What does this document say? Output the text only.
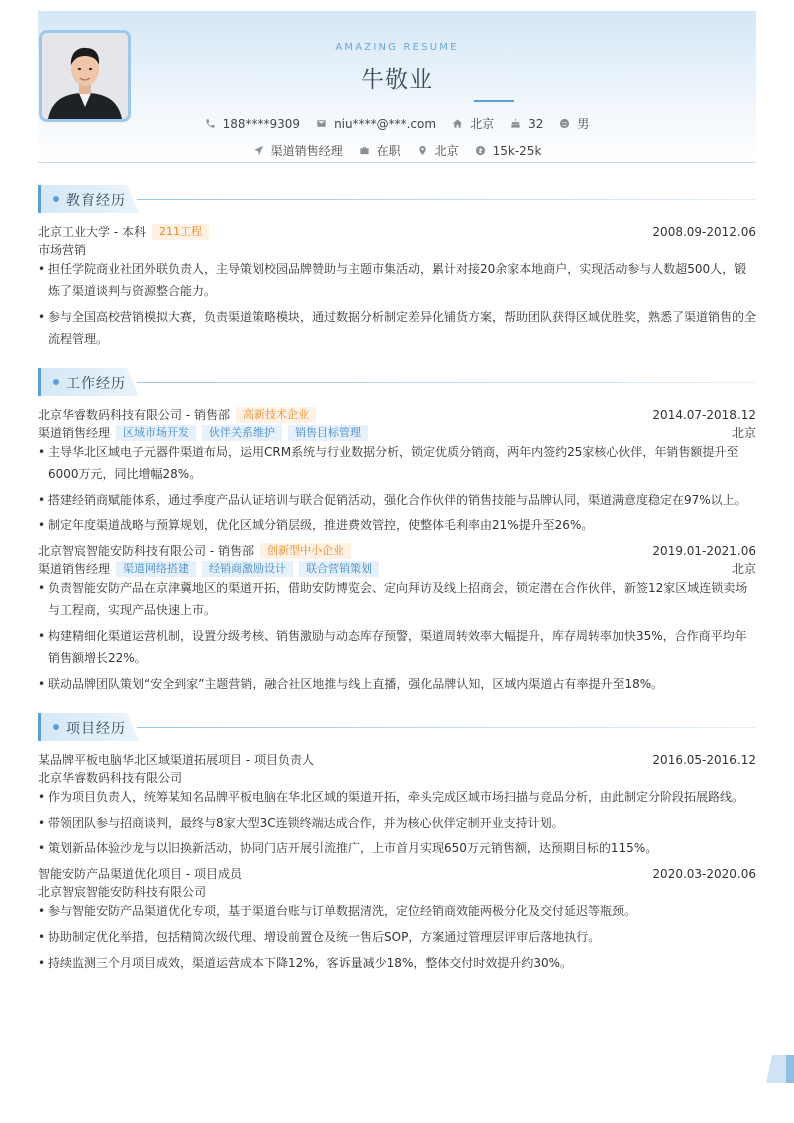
AMAZING RESUME
牛敬业
188****9309	niu****@***.com	北京	32	男
渠道销售经理	在职	北京	15k-25k
教育经历
北京工业大学 - 本科	211工程	2008.09-2012.06
市场营销
• 担任学院商业社团外联负责人，主导策划校园品牌赞助与主题市集活动，累计对接20余家本地商户，实现活动参与人数超500人，锻炼了渠道谈判与资源整合能力。
• 参与全国高校营销模拟大赛，负责渠道策略模块，通过数据分析制定差异化铺货方案，帮助团队获得区域优胜奖，熟悉了渠道销售的全流程管理。
工作经历
北京华睿数码科技有限公司 - 销售部	高新技术企业	2014.07-2018.12
渠道销售经理	区域市场开发	伙伴关系维护	销售目标管理	北京
• 主导华北区域电子元器件渠道布局，运用CRM系统与行业数据分析，锁定优质分销商，两年内签约25家核心伙伴，年销售额提升至6000万元，同比增幅28%。
• 搭建经销商赋能体系，通过季度产品认证培训与联合促销活动，强化合作伙伴的销售技能与品牌认同，渠道满意度稳定在97%以上。
• 制定年度渠道战略与预算规划，优化区域分销层级，推进费效管控，使整体毛利率由21%提升至26%。
北京智宸智能安防科技有限公司 - 销售部	创新型中小企业	2019.01-2021.06
渠道销售经理	渠道网络搭建	经销商激励设计	联合营销策划	北京
• 负责智能安防产品在京津冀地区的渠道开拓，借助安防博览会、定向拜访及线上招商会，锁定潜在合作伙伴，新签12家区域连锁卖场与工程商，实现产品快速上市。
• 构建精细化渠道运营机制，设置分级考核、销售激励与动态库存预警，渠道周转效率大幅提升，库存周转率加快35%，合作商平均年销售额增长22%。
• 联动品牌团队策划“安全到家”主题营销，融合社区地推与线上直播，强化品牌认知，区域内渠道占有率提升至18%。
项目经历
某品牌平板电脑华北区域渠道拓展项目 - 项目负责人	2016.05-2016.12
北京华睿数码科技有限公司
• 作为项目负责人，统筹某知名品牌平板电脑在华北区域的渠道开拓，牵头完成区域市场扫描与竞品分析，由此制定分阶段拓展路线。
• 带领团队参与招商谈判，最终与8家大型3C连锁终端达成合作，并为核心伙伴定制开业支持计划。
• 策划新品体验沙龙与以旧换新活动，协同门店开展引流推广，上市首月实现650万元销售额，达预期目标的115%。
智能安防产品渠道优化项目 - 项目成员	2020.03-2020.06
北京智宸智能安防科技有限公司
• 参与智能安防产品渠道优化专项，基于渠道台账与订单数据清洗，定位经销商效能两极分化及交付延迟等瓶颈。
• 协助制定优化举措，包括精简次级代理、增设前置仓及统一售后SOP，方案通过管理层评审后落地执行。
• 持续监测三个月项目成效，渠道运营成本下降12%，客诉量减少18%，整体交付时效提升约30%。
